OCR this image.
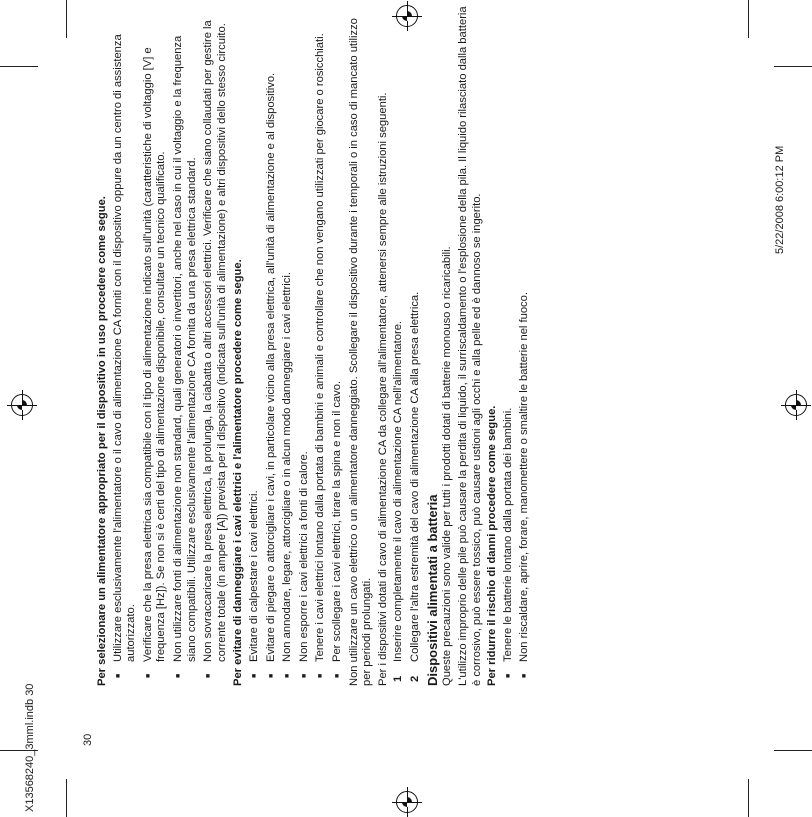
Per selezionare un alimentatore appropriato per il dispositivo in uso procedere come segue. ■ Utilizzare esclusivamente l'alimentatore o il cavo di alimentazione CA forniti con il dispositivo oppure da un centro di assistenza autorizzato. ■ Verificare che la presa elettrica sia compatibile con il tipo di alimentazione indicato sull'unità (caratteristiche di voltaggio [V] e frequenza [Hz]). Se non si è certi del tipo di alimentazione disponibile, consultare un tecnico qualificato. ■ Non utilizzare fonti di alimentazione non standard, quali generatori o invertitori, anche nel caso in cui il voltaggio e la frequenza siano compatibili. Utilizzare esclusivamente l'alimentazione CA fornita da una presa elettrica standard. ■ Non sovraccaricare la presa elettrica, la prolunga, la ciabatta o altri accessori elettrici. Verificare che siano collaudati per gestire la corrente totale (in ampere [A]) prevista per il dispositivo (indicata sull'unità di alimentazione) e altri dispositivi dello stesso circuito. Per evitare di danneggiare i cavi elettrici e l'alimentatore procedere come segue. ■ Evitare di calpestare i cavi elettrici. ■ Evitare di piegare o attorcigliare i cavi, in particolare vicino alla presa elettrica, all'unità di alimentazione e al dispositivo. ■ Non annodare, legare, attorcigliare o in alcun modo danneggiare i cavi elettrici. ■ Non esporre i cavi elettrici a fonti di calore. ■ Tenere i cavi elettrici lontano dalla portata di bambini e animali e controllare che non vengano utilizzati per giocare o rosicchiati. ■ Per scollegare i cavi elettrici, tirare la spina e non il cavo. Non utilizzare un cavo elettrico o un alimentatore danneggiato. Scollegare il dispositivo durante i temporali o in caso di mancato utilizzo per periodi prolungati. Per i dispositivi dotati di cavo di alimentazione CA da collegare all'alimentatore, attenersi sempre alle istruzioni seguenti. 1
Inserire completamente il cavo di alimentazione CA nell'alimentatore.
2
Collegare l'altra estremità del cavo di alimentazione CA alla presa elettrica. Dispositivi alimentati a batteria Queste precauzioni sono valide per tutti i prodotti dotati di batterie monouso o ricaricabili. L'utilizzo improprio delle pile può causare la perdita di liquido, il surriscaldamento o l'esplosione della pila. Il liquido rilasciato dalla batteria è corrosivo, può essere tossico, può causare ustioni agli occhi e alla pelle ed è dannoso se ingerito. Per ridurre il rischio di danni procedere come segue. ■ Tenere le batterie lontano dalla portata dei bambini. ■ Non riscaldare, aprire, forare, manomettere o smaltire le batterie nel fuoco.
30
X13568240_3mml.indb 30
5/22/2008 6:00:12 PM
